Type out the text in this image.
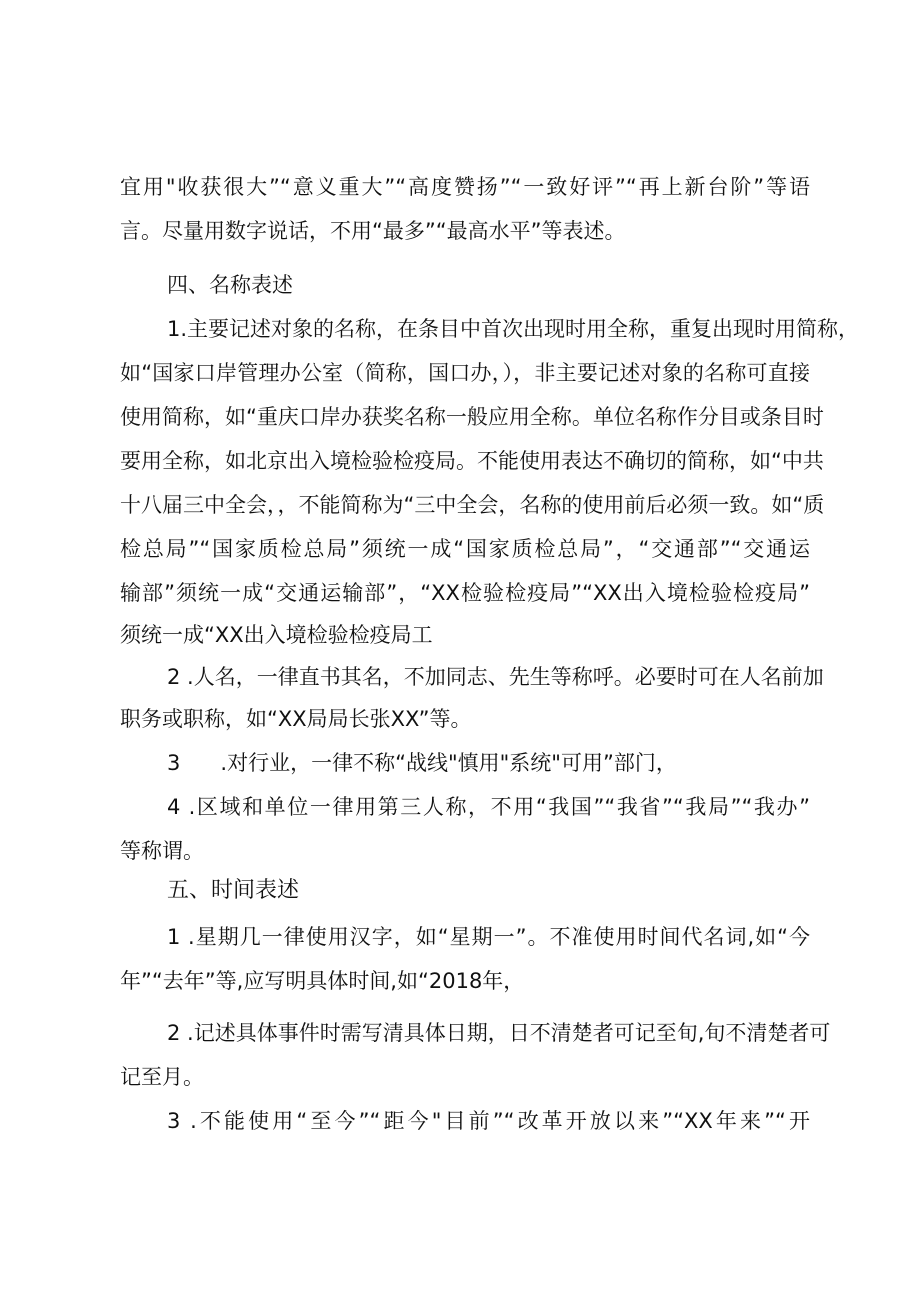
宜用"收获很大”“意义重大”“高度赞扬”“一致好评”“再上新台阶”等语
言。尽量用数字说话，不用“最多”“最高水平”等表述。
四、名称表述
1.主要记述对象的名称，在条目中首次出现时用全称，重复出现时用简称，
如“国家口岸管理办公室（简称，国口办，），非主要记述对象的名称可直接
使用简称，如“重庆口岸办获奖名称一般应用全称。单位名称作分目或条目时
要用全称，如北京出入境检验检疫局。不能使用表达不确切的简称，如“中共
十八届三中全会，，不能简称为“三中全会，名称的使用前后必须一致。如“质
检总局”“国家质检总局”须统一成“国家质检总局”，“交通部”“交通运
输部”须统一成“交通运输部”，“XX检验检疫局”“XX出入境检验检疫局”
须统一成“XX出入境检验检疫局工
2 .人名，一律直书其名，不加同志、先生等称呼。必要时可在人名前加
职务或职称，如“XX局局长张XX”等。
3      .对行业，一律不称“战线"慎用"系统"可用”部门，
4 .区域和单位一律用第三人称，不用“我国”“我省”“我局”“我办”
等称谓。
五、时间表述
1 .星期几一律使用汉字，如“星期一”。不准使用时间代名词,如“今
年”“去年”等,应写明具体时间,如“2018年，
2 .记述具体事件时需写清具体日期，日不清楚者可记至旬,旬不清楚者可
记至月。
3 .不能使用“至今”“距今"目前”“改革开放以来”“XX年来”“开
